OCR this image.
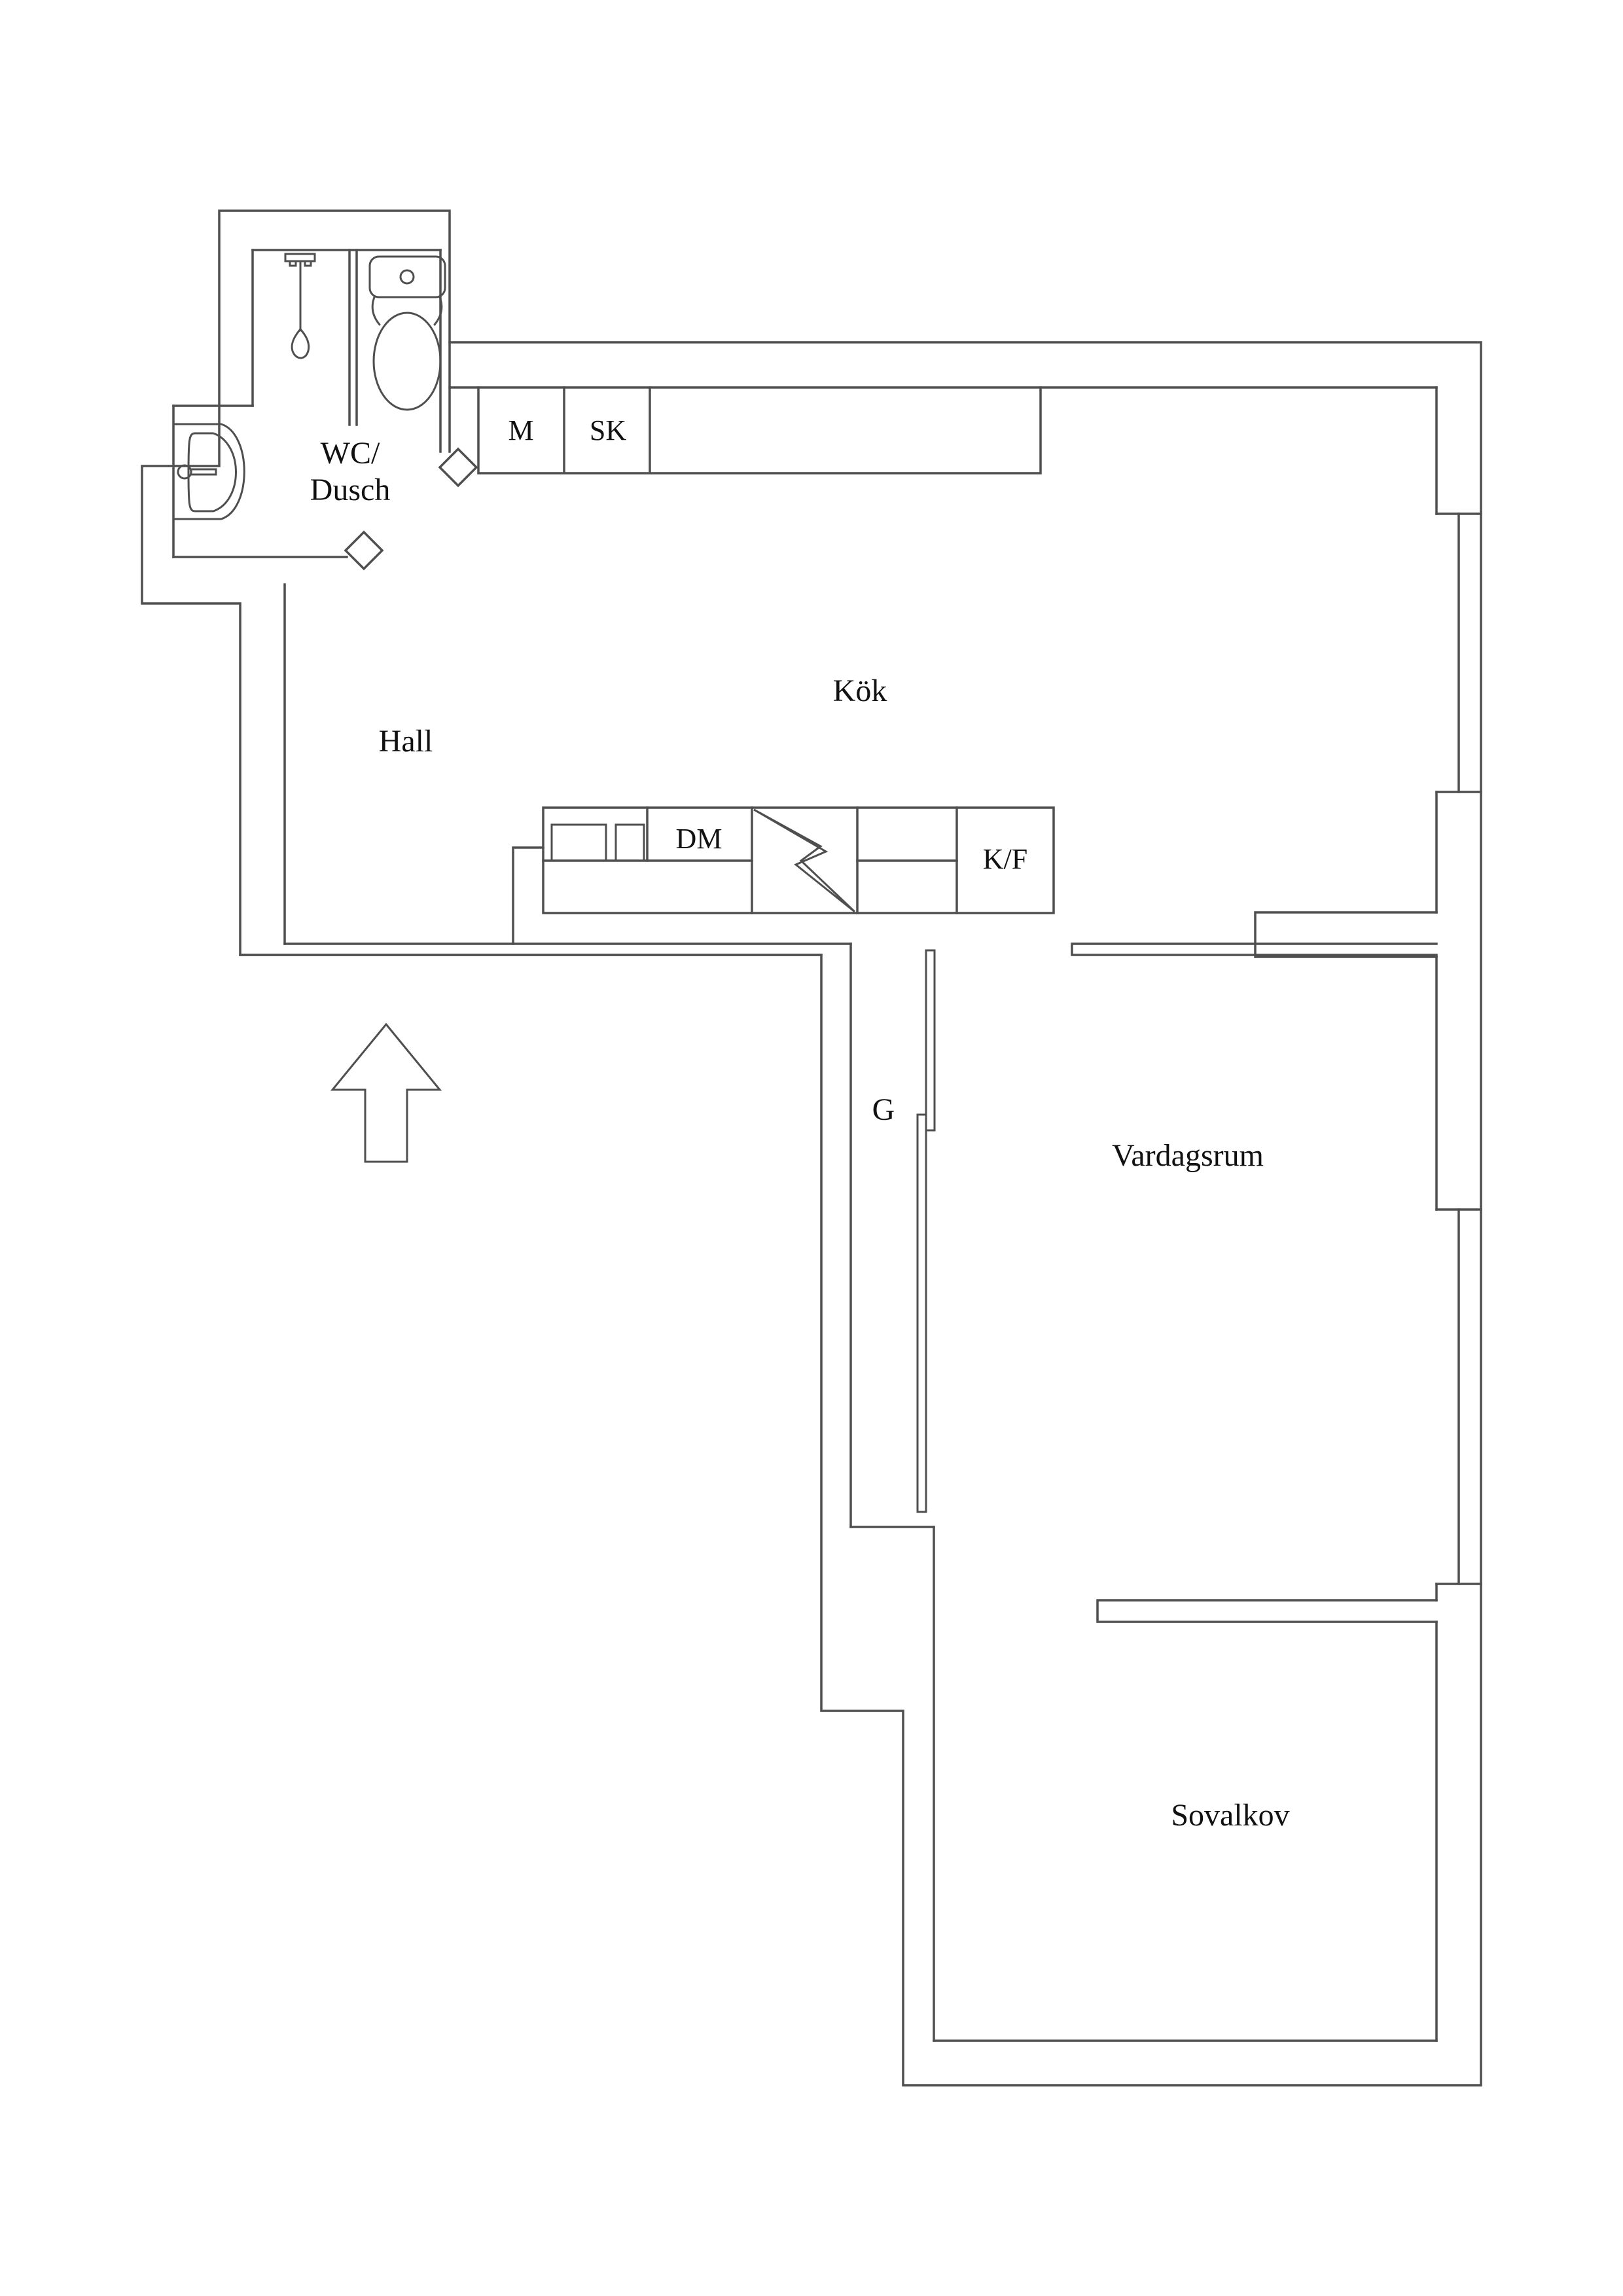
WC/
Dusch
Hall
Kök
G
Vardagsrum
Sovalkov
M SK
DM
K/F
